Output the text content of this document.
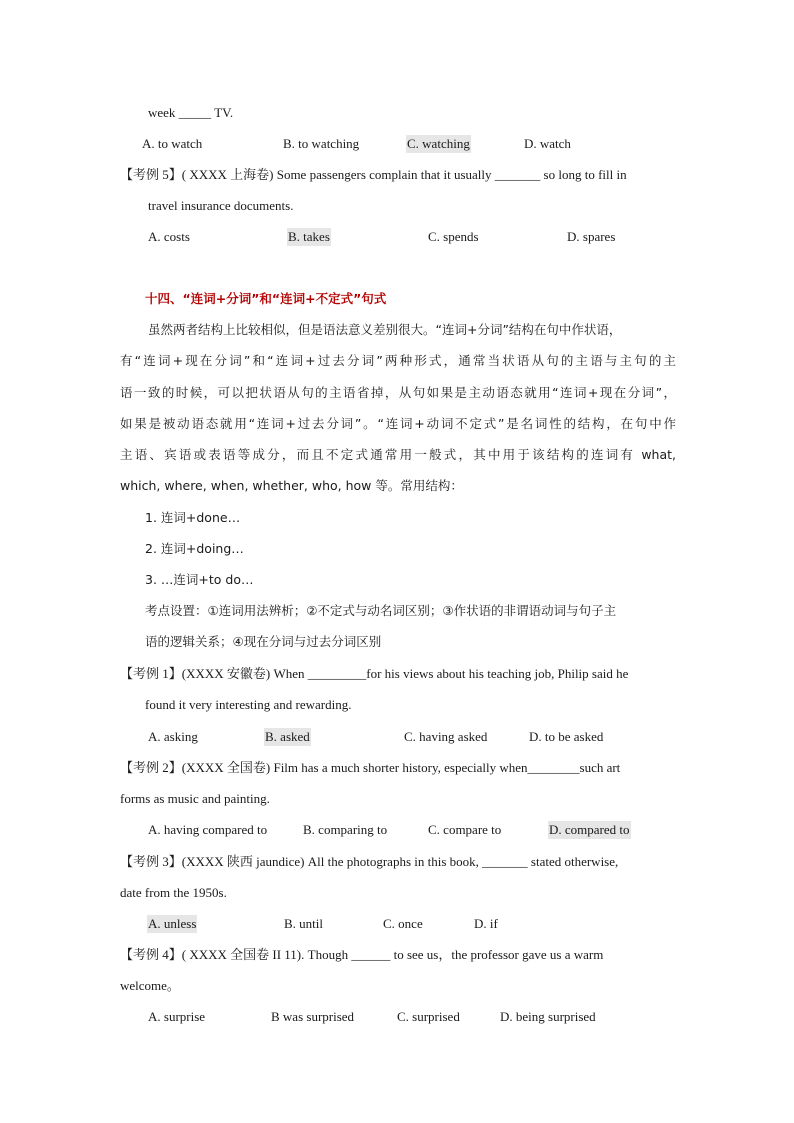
week _____ TV.
A. to watch	B. to watching	C. watching	D. watch
【考例 5】( XXXX 上海卷) Some passengers complain that it usually _______ so long to fill in
travel insurance documents.
A. costs	B. takes	C. spends	D. spares
十四、“连词+分词”和“连词+不定式”句式
虽然两者结构上比较相似，但是语法意义差别很大。“连词+分词”结构在句中作状语，
有“连词+现在分词”和“连词+过去分词”两种形式，通常当状语从句的主语与主句的主
语一致的时候，可以把状语从句的主语省掉，从句如果是主动语态就用“连词+现在分词”，
如果是被动语态就用“连词+过去分词”。“连词+动词不定式”是名词性的结构，在句中作
主语、宾语或表语等成分，而且不定式通常用一般式，其中用于该结构的连词有 what,
which, where, when, whether, who, how 等。常用结构：
1. 连词+done…
2. 连词+doing…
3. …连词+to do…
考点设置：①连词用法辨析；②不定式与动名词区别；③作状语的非谓语动词与句子主
语的逻辑关系；④现在分词与过去分词区别
【考例 1】(XXXX 安徽卷) When _________for his views about his teaching job, Philip said he
found it very interesting and rewarding.
A. asking	B. asked	C. having asked	D. to be asked
【考例 2】(XXXX 全国卷) Film has a much shorter history, especially when________such art
forms as music and painting.
A. having compared to	B. comparing to	C. compare to	D. compared to
【考例 3】(XXXX 陕西 jaundice) All the photographs in this book, _______ stated otherwise,
date from the 1950s.
A. unless	B. until	C. once	D. if
【考例 4】( XXXX 全国卷 II 11). Though ______ to see us，the professor gave us a warm
welcome。
A. surprise	B was surprised	C. surprised	D. being surprised
